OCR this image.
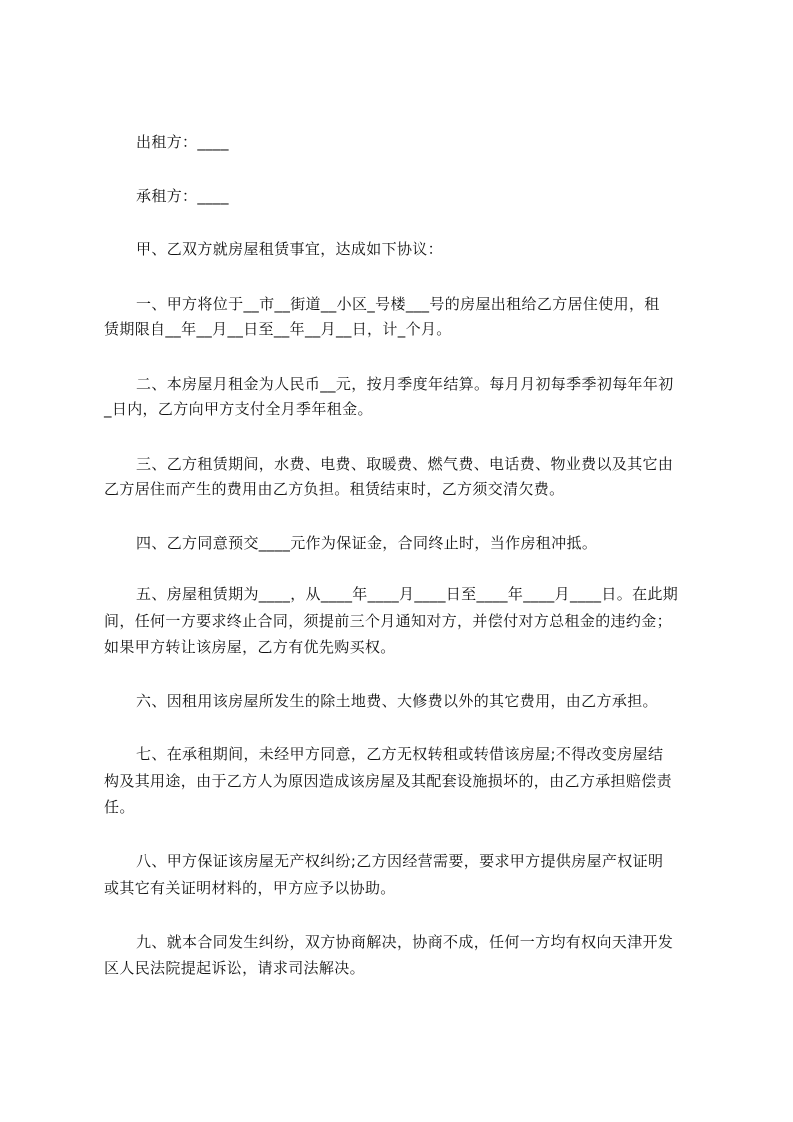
出租方：____
承租方：____
甲、乙双方就房屋租赁事宜，达成如下协议：
一、甲方将位于__市__街道__小区_号楼___号的房屋出租给乙方居住使用，租
赁期限自__年__月__日至__年__月__日，计_个月。
二、本房屋月租金为人民币__元，按月季度年结算。每月月初每季季初每年年初
_日内，乙方向甲方支付全月季年租金。
三、乙方租赁期间，水费、电费、取暖费、燃气费、电话费、物业费以及其它由
乙方居住而产生的费用由乙方负担。租赁结束时，乙方须交清欠费。
四、乙方同意预交____元作为保证金，合同终止时，当作房租冲抵。
五、房屋租赁期为____，从____年____月____日至____年____月____日。在此期
间，任何一方要求终止合同，须提前三个月通知对方，并偿付对方总租金的违约金；
如果甲方转让该房屋，乙方有优先购买权。
六、因租用该房屋所发生的除土地费、大修费以外的其它费用，由乙方承担。
七、在承租期间，未经甲方同意，乙方无权转租或转借该房屋;不得改变房屋结
构及其用途，由于乙方人为原因造成该房屋及其配套设施损坏的，由乙方承担赔偿责
任。
八、甲方保证该房屋无产权纠纷;乙方因经营需要，要求甲方提供房屋产权证明
或其它有关证明材料的，甲方应予以协助。
九、就本合同发生纠纷，双方协商解决，协商不成，任何一方均有权向天津开发
区人民法院提起诉讼，请求司法解决。
